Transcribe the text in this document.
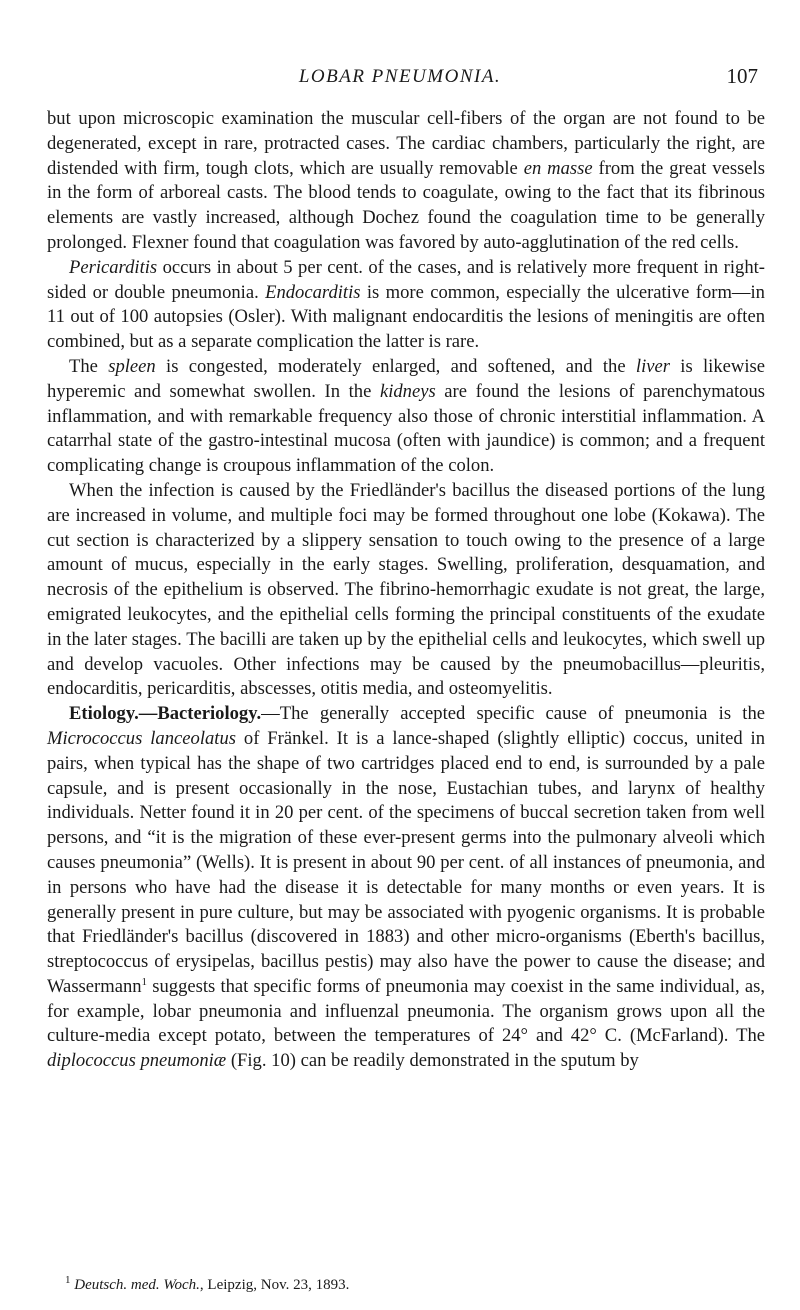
LOBAR PNEUMONIA.	107

but upon microscopic examination the muscular cell-fibers of the organ are not found to be degenerated, except in rare, protracted cases. The cardiac chambers, particularly the right, are distended with firm, tough clots, which are usually removable en masse from the great vessels in the form of arboreal casts. The blood tends to coagulate, owing to the fact that its fibrinous elements are vastly increased, although Dochez found the coagulation time to be generally prolonged. Flexner found that coagulation was favored by auto-agglutination of the red cells.

Pericarditis occurs in about 5 per cent. of the cases, and is relatively more frequent in right-sided or double pneumonia. Endocarditis is more common, especially the ulcerative form—in 11 out of 100 autopsies (Osler). With malignant endocarditis the lesions of meningitis are often combined, but as a separate complication the latter is rare.

The spleen is congested, moderately enlarged, and softened, and the liver is likewise hyperemic and somewhat swollen. In the kidneys are found the lesions of parenchymatous inflammation, and with remarkable frequency also those of chronic interstitial inflammation. A catarrhal state of the gastro-intestinal mucosa (often with jaundice) is common; and a frequent complicating change is croupous inflammation of the colon.

When the infection is caused by the Friedländer's bacillus the diseased portions of the lung are increased in volume, and multiple foci may be formed throughout one lobe (Kokawa). The cut section is characterized by a slippery sensation to touch owing to the presence of a large amount of mucus, especially in the early stages. Swelling, proliferation, desquamation, and necrosis of the epithelium is observed. The fibrino-hemorrhagic exudate is not great, the large, emigrated leukocytes, and the epithelial cells forming the principal constituents of the exudate in the later stages. The bacilli are taken up by the epithelial cells and leukocytes, which swell up and develop vacuoles. Other infections may be caused by the pneumobacillus—pleuritis, endocarditis, pericarditis, abscesses, otitis media, and osteomyelitis.

Etiology.—Bacteriology.—The generally accepted specific cause of pneumonia is the Micrococcus lanceolatus of Fränkel. It is a lance-shaped (slightly elliptic) coccus, united in pairs, when typical has the shape of two cartridges placed end to end, is surrounded by a pale capsule, and is present occasionally in the nose, Eustachian tubes, and larynx of healthy individuals. Netter found it in 20 per cent. of the specimens of buccal secretion taken from well persons, and “it is the migration of these ever-present germs into the pulmonary alveoli which causes pneumonia” (Wells). It is present in about 90 per cent. of all instances of pneumonia, and in persons who have had the disease it is detectable for many months or even years. It is generally present in pure culture, but may be associated with pyogenic organisms. It is probable that Friedländer's bacillus (discovered in 1883) and other micro-organisms (Eberth's bacillus, streptococcus of erysipelas, bacillus pestis) may also have the power to cause the disease; and Wassermann$^1$ suggests that specific forms of pneumonia may coexist in the same individual, as, for example, lobar pneumonia and influenzal pneumonia. The organism grows upon all the culture-media except potato, between the temperatures of 24° and 42° C. (McFarland). The diplococcus pneumoniæ (Fig. 10) can be readily demonstrated in the sputum by

$^1$ Deutsch. med. Woch., Leipzig, Nov. 23, 1893.
